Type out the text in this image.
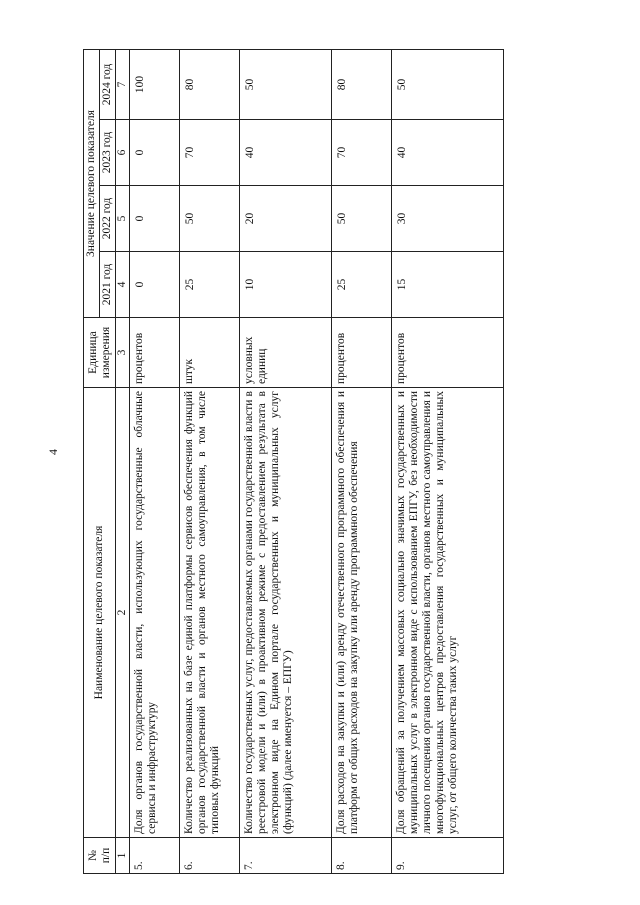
4
№
п/п	Наименование целевого показателя	Единица измерения	Значение целевого показателя			
			2021 год	2022 год	2023 год	2024 год
1	2	3	4	5	6	7
5.	Доля органов государственной власти, использующих государственные облачные сервисы и инфраструктуру	процентов	0	0	0	100
6.	Количество реализованных на базе единой платформы сервисов обеспечения функций органов государственной власти и органов местного самоуправления, в том числе типовых функций	штук	25	50	70	80
7.	Количество государственных услуг, предоставляемых органами государственной власти в реестровой модели и (или) в проактивном режиме с предоставлением результата в электронном виде на Едином портале государственных и муниципальных услуг (функций) (далее именуется – ЕПГУ)	условных единиц	10	20	40	50
8.	Доля расходов на закупки и (или) аренду отечественного программного обеспечения и платформ от общих расходов на закупку или аренду программного обеспечения	процентов	25	50	70	80
9.	Доля обращений за получением массовых социально значимых государственных и муниципальных услуг в электронном виде с использованием ЕПГУ, без необходимости личного посещения органов государственной власти, органов местного самоуправления и многофункциональных центров предоставления государственных и муниципальных услуг, от общего количества таких услуг	процентов	15	30	40	50
